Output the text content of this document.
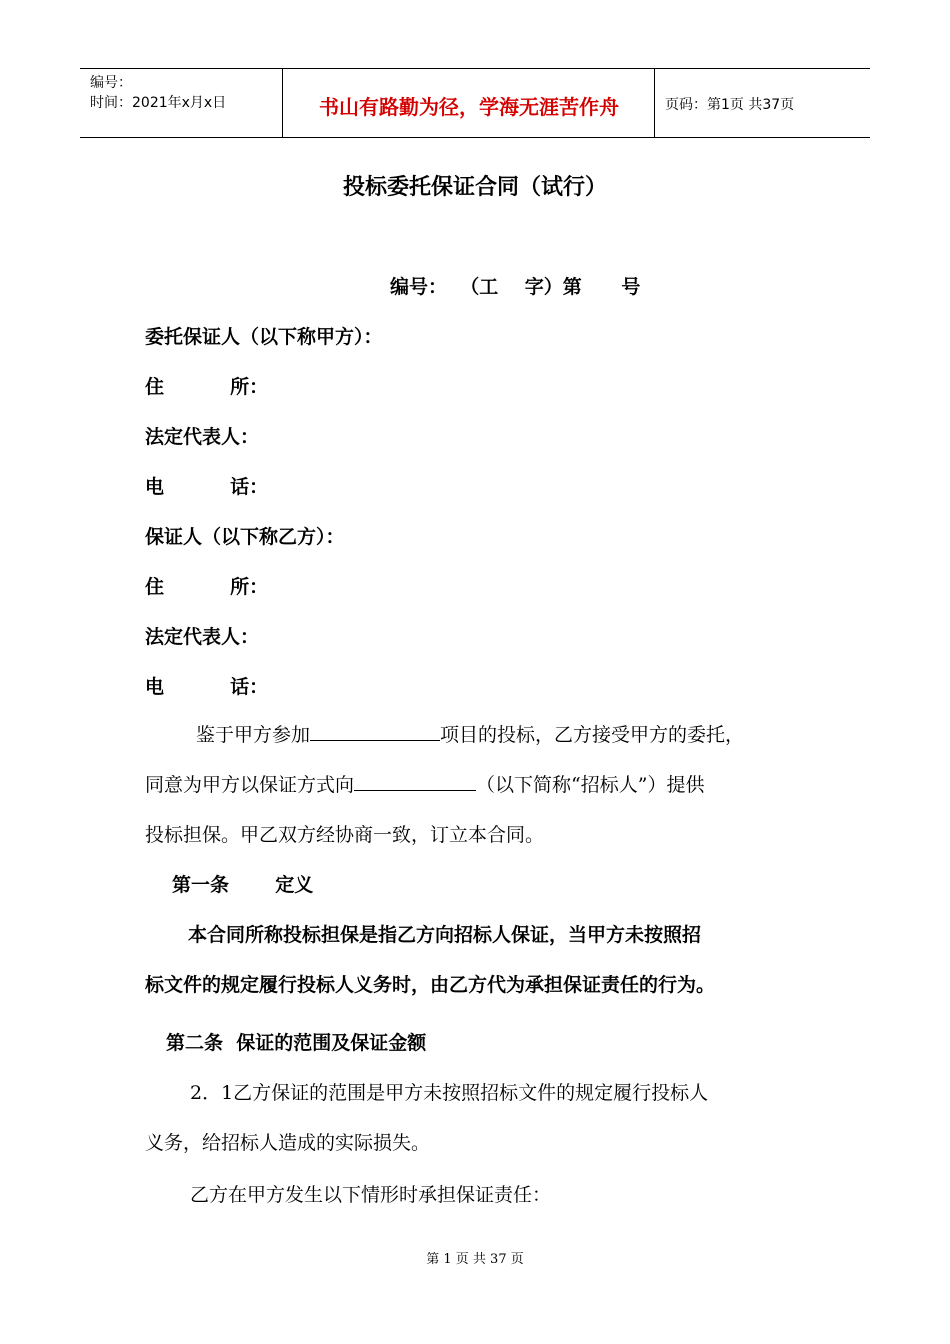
编号：
时间：2021年x月x日	书山有路勤为径，学海无涯苦作舟	页码：第1页 共37页
投标委托保证合同（试行）
编号：  （工    字）第      号
委托保证人（以下称甲方）：
住          所：
法定代表人：
电          话：
保证人（以下称乙方）：
住          所：
法定代表人：
电          话：
鉴于甲方参加	项目的投标，乙方接受甲方的委托，
同意为甲方以保证方式向	（以下简称“招标人”）提供
投标担保。甲乙双方经协商一致，订立本合同。
第一条       定义
本合同所称投标担保是指乙方向招标人保证，当甲方未按照招
标文件的规定履行投标人义务时，由乙方代为承担保证责任的行为。
第二条  保证的范围及保证金额
2．1乙方保证的范围是甲方未按照招标文件的规定履行投标人
义务，给招标人造成的实际损失。
乙方在甲方发生以下情形时承担保证责任：
第 1 页 共 37 页
